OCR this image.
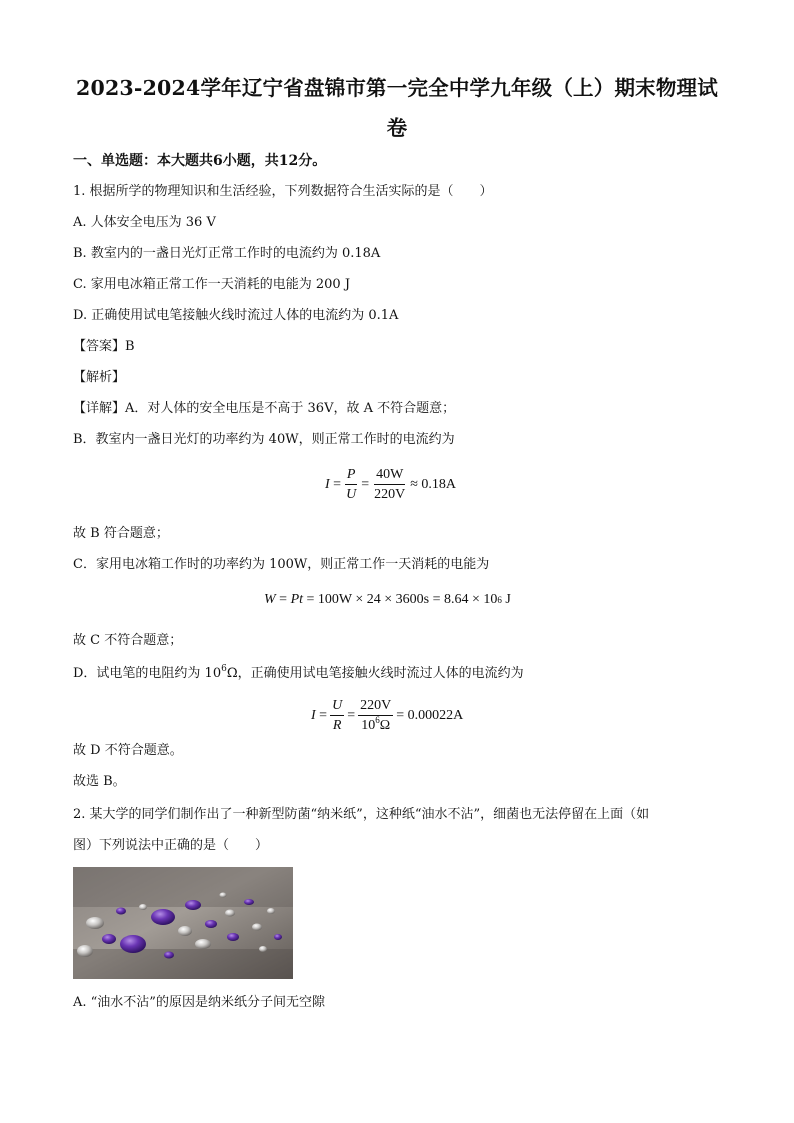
2023-2024学年辽宁省盘锦市第一完全中学九年级（上）期末物理试
卷
一、单选题：本大题共6小题，共12分。
1. 根据所学的物理知识和生活经验，下列数据符合生活实际的是（　　）
A. 人体安全电压为 36 V
B. 教室内的一盏日光灯正常工作时的电流约为 0.18A
C. 家用电冰箱正常工作一天消耗的电能为 200 J
D. 正确使用试电笔接触火线时流过人体的电流约为 0.1A
【答案】B
【解析】
【详解】A．对人体的安全电压是不高于 36V，故 A 不符合题意；
B．教室内一盏日光灯的功率约为 40W，则正常工作时的电流约为
$I = \frac{P}{U} = \frac{40W}{220V} \approx 0.18A$
故 B 符合题意；
C．家用电冰箱工作时的功率约为 100W，则正常工作一天消耗的电能为
W = P t
= 100W × 24 × 3600s = 8.64 × 10 6
J
故 C 不符合题意；
D．试电笔的电阻约为 $10^6\Omega$，正确使用试电笔接触火线时流过人体的电流约为
$I = \frac{U}{R} = \frac{220V}{10^6\Omega} = 0.00022A$
故 D 不符合题意。
故选 B。
2. 某大学的同学们制作出了一种新型防菌“纳米纸”，这种纸“油水不沾”，细菌也无法停留在上面（如
图）下列说法中正确的是（　　）
A. “油水不沾”的原因是纳米纸分子间无空隙
